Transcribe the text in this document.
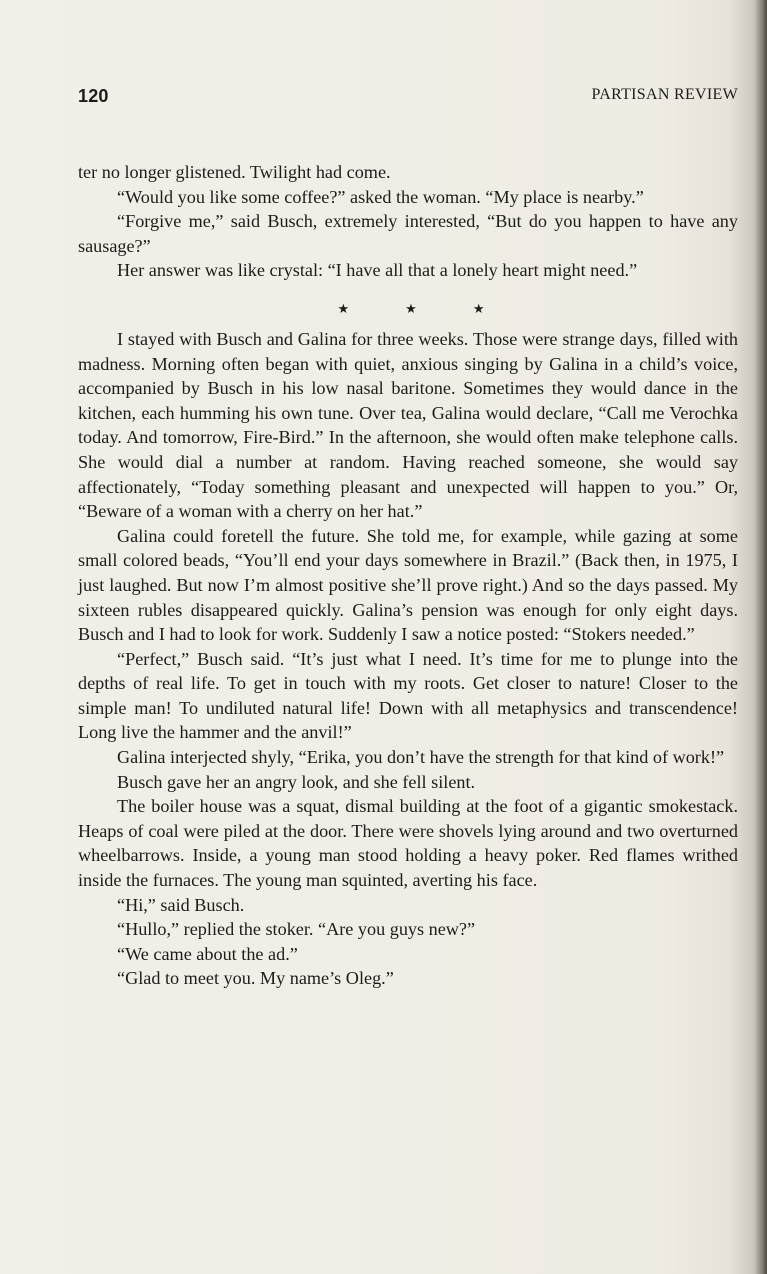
120	PARTISAN REVIEW

ter no longer glistened. Twilight had come.

“Would you like some coffee?” asked the woman. “My place is nearby.”

“Forgive me,” said Busch, extremely interested, “But do you happen to have any sausage?”

Her answer was like crystal: “I have all that a lonely heart might need.”

★	★	★

I stayed with Busch and Galina for three weeks. Those were strange days, filled with madness. Morning often began with quiet, anxious singing by Galina in a child’s voice, accompanied by Busch in his low nasal baritone. Sometimes they would dance in the kitchen, each humming his own tune. Over tea, Galina would declare, “Call me Verochka today. And tomorrow, Fire-Bird.” In the afternoon, she would often make telephone calls. She would dial a number at random. Having reached someone, she would say affectionately, “Today something pleasant and unexpected will happen to you.” Or, “Beware of a woman with a cherry on her hat.”

Galina could foretell the future. She told me, for example, while gazing at some small colored beads, “You’ll end your days somewhere in Brazil.” (Back then, in 1975, I just laughed. But now I’m almost positive she’ll prove right.) And so the days passed. My sixteen rubles disappeared quickly. Galina’s pension was enough for only eight days. Busch and I had to look for work. Suddenly I saw a notice posted: “Stokers needed.”

“Perfect,” Busch said. “It’s just what I need. It’s time for me to plunge into the depths of real life. To get in touch with my roots. Get closer to nature! Closer to the simple man! To undiluted natural life! Down with all metaphysics and transcendence! Long live the hammer and the anvil!”

Galina interjected shyly, “Erika, you don’t have the strength for that kind of work!”

Busch gave her an angry look, and she fell silent.

The boiler house was a squat, dismal building at the foot of a gigantic smokestack. Heaps of coal were piled at the door. There were shovels lying around and two overturned wheelbarrows. Inside, a young man stood holding a heavy poker. Red flames writhed inside the furnaces. The young man squinted, averting his face.

“Hi,” said Busch.

“Hullo,” replied the stoker. “Are you guys new?”

“We came about the ad.”

“Glad to meet you. My name’s Oleg.”
